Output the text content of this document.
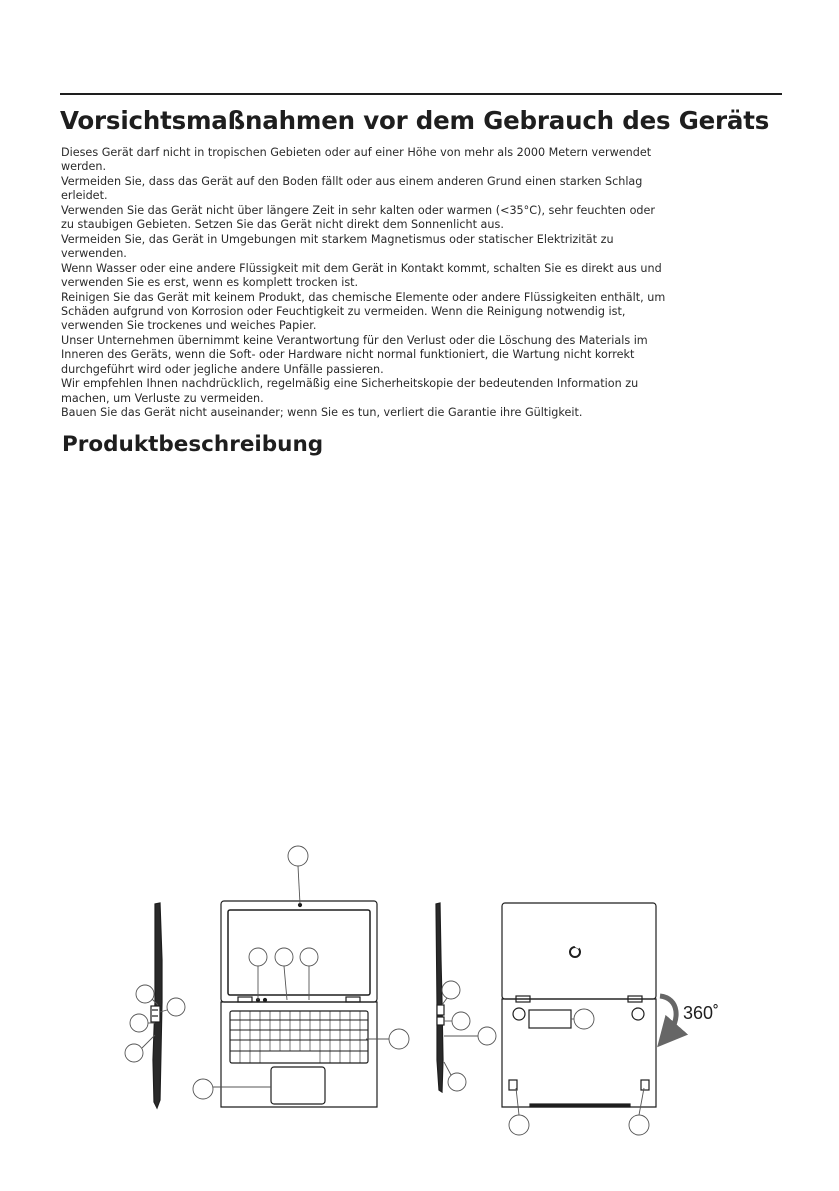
Vorsichtsmaßnahmen vor dem Gebrauch des Geräts

Dieses Gerät darf nicht in tropischen Gebieten oder auf einer Höhe von mehr als 2000 Metern verwendet werden.

Vermeiden Sie, dass das Gerät auf den Boden fällt oder aus einem anderen Grund einen starken Schlag erleidet.

Verwenden Sie das Gerät nicht über längere Zeit in sehr kalten oder warmen (<35°C), sehr feuchten oder zu staubigen Gebieten. Setzen Sie das Gerät nicht direkt dem Sonnenlicht aus.

Vermeiden Sie, das Gerät in Umgebungen mit starkem Magnetismus oder statischer Elektrizität zu verwenden.

Wenn Wasser oder eine andere Flüssigkeit mit dem Gerät in Kontakt kommt, schalten Sie es direkt aus und verwenden Sie es erst, wenn es komplett trocken ist.

Reinigen Sie das Gerät mit keinem Produkt, das chemische Elemente oder andere Flüssigkeiten enthält, um Schäden aufgrund von Korrosion oder Feuchtigkeit zu vermeiden. Wenn die Reinigung notwendig ist, verwenden Sie trockenes und weiches Papier.

Unser Unternehmen übernimmt keine Verantwortung für den Verlust oder die Löschung des Materials im Inneren des Geräts, wenn die Soft- oder Hardware nicht normal funktioniert, die Wartung nicht korrekt durchgeführt wird oder jegliche andere Unfälle passieren.

Wir empfehlen Ihnen nachdrücklich, regelmäßig eine Sicherheitskopie der bedeutenden Information zu machen, um Verluste zu vermeiden.

Bauen Sie das Gerät nicht auseinander; wenn Sie es tun, verliert die Garantie ihre Gültigkeit.

Produktbeschreibung
360˚
